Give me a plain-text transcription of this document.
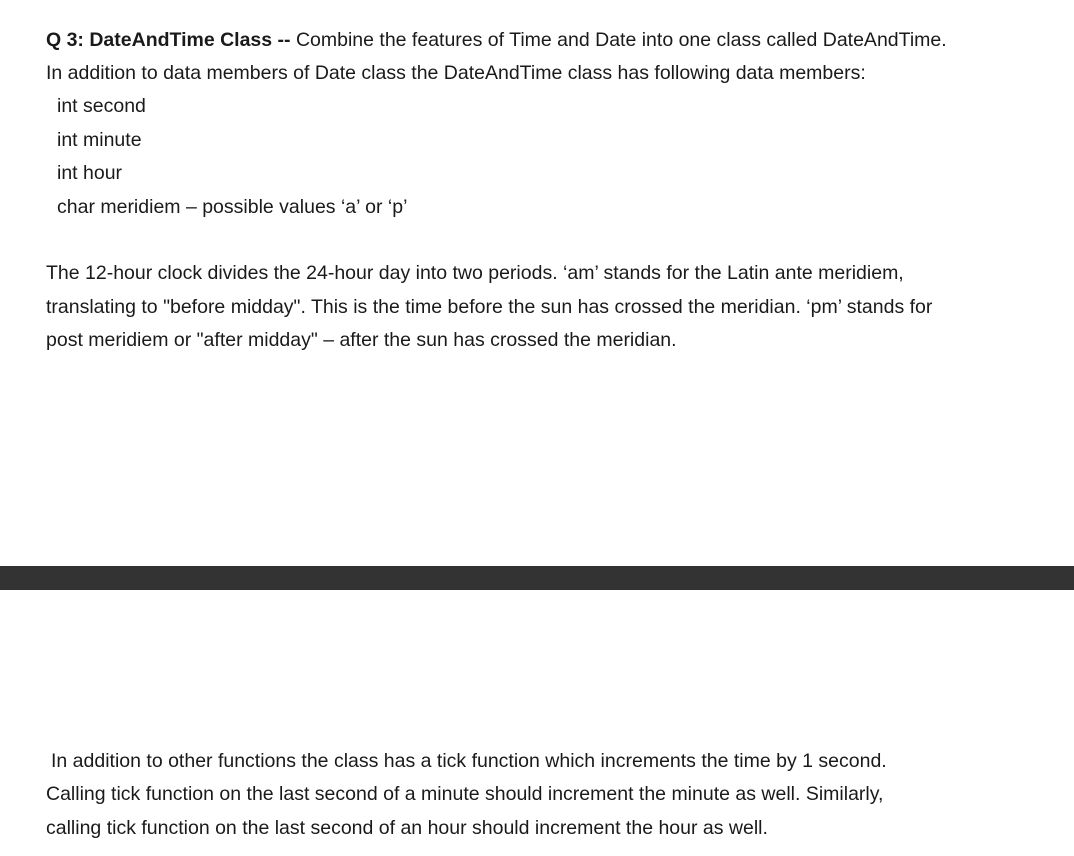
Q 3: DateAndTime Class -- Combine the features of Time and Date into one class called DateAndTime.
In addition to data members of Date class the DateAndTime class has following data members:
int second
int minute
int hour
char meridiem – possible values ‘a’ or ‘p’
The 12-hour clock divides the 24-hour day into two periods. ‘am’ stands for the Latin ante meridiem,
translating to "before midday". This is the time before the sun has crossed the meridian. ‘pm’ stands for
post meridiem or "after midday" – after the sun has crossed the meridian.
In addition to other functions the class has a tick function which increments the time by 1 second.
Calling tick function on the last second of a minute should increment the minute as well. Similarly,
calling tick function on the last second of an hour should increment the hour as well.
